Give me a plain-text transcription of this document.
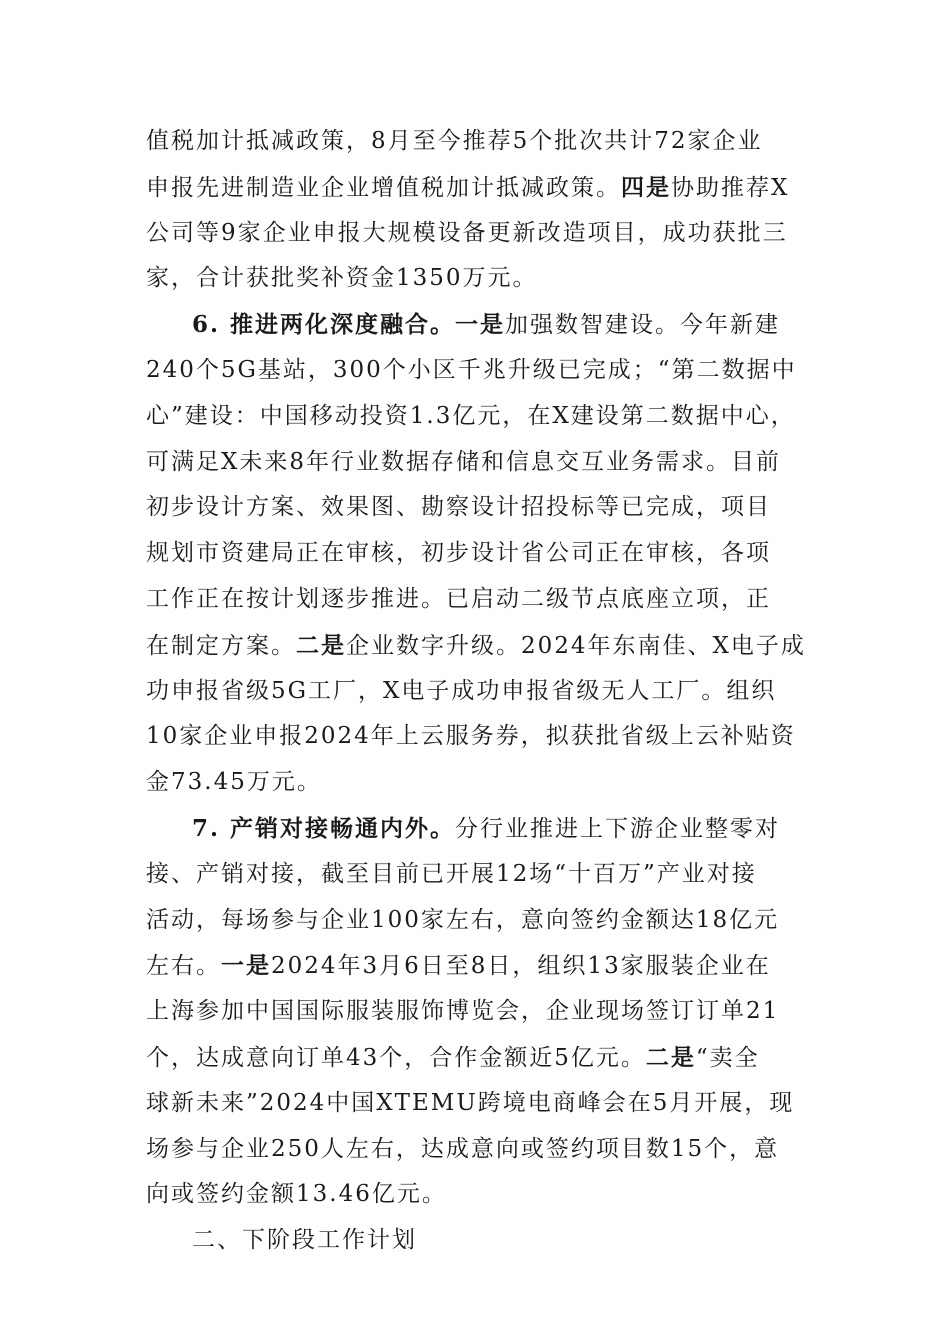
值税加计抵减政策，8月至今推荐5个批次共计72家企业
申报先进制造业企业增值税加计抵减政策。四是协助推荐X
公司等9家企业申报大规模设备更新改造项目，成功获批三
家，合计获批奖补资金1350万元。
6. 推进两化深度融合。一是加强数智建设。今年新建
240个5G基站，300个小区千兆升级已完成；“第二数据中
心”建设：中国移动投资1.3亿元，在X建设第二数据中心，
可满足X未来8年行业数据存储和信息交互业务需求。目前
初步设计方案、效果图、勘察设计招投标等已完成，项目
规划市资建局正在审核，初步设计省公司正在审核，各项
工作正在按计划逐步推进。已启动二级节点底座立项，正
在制定方案。二是企业数字升级。2024年东南佳、X电子成
功申报省级5G工厂，X电子成功申报省级无人工厂。组织
10家企业申报2024年上云服务券，拟获批省级上云补贴资
金73.45万元。
7. 产销对接畅通内外。分行业推进上下游企业整零对
接、产销对接，截至目前已开展12场“十百万”产业对接
活动，每场参与企业100家左右，意向签约金额达18亿元
左右。一是2024年3月6日至8日，组织13家服装企业在
上海参加中国国际服装服饰博览会，企业现场签订订单21
个，达成意向订单43个，合作金额近5亿元。二是“卖全
球新未来”2024中国XTEMU跨境电商峰会在5月开展，现
场参与企业250人左右，达成意向或签约项目数15个，意
向或签约金额13.46亿元。
二、下阶段工作计划
